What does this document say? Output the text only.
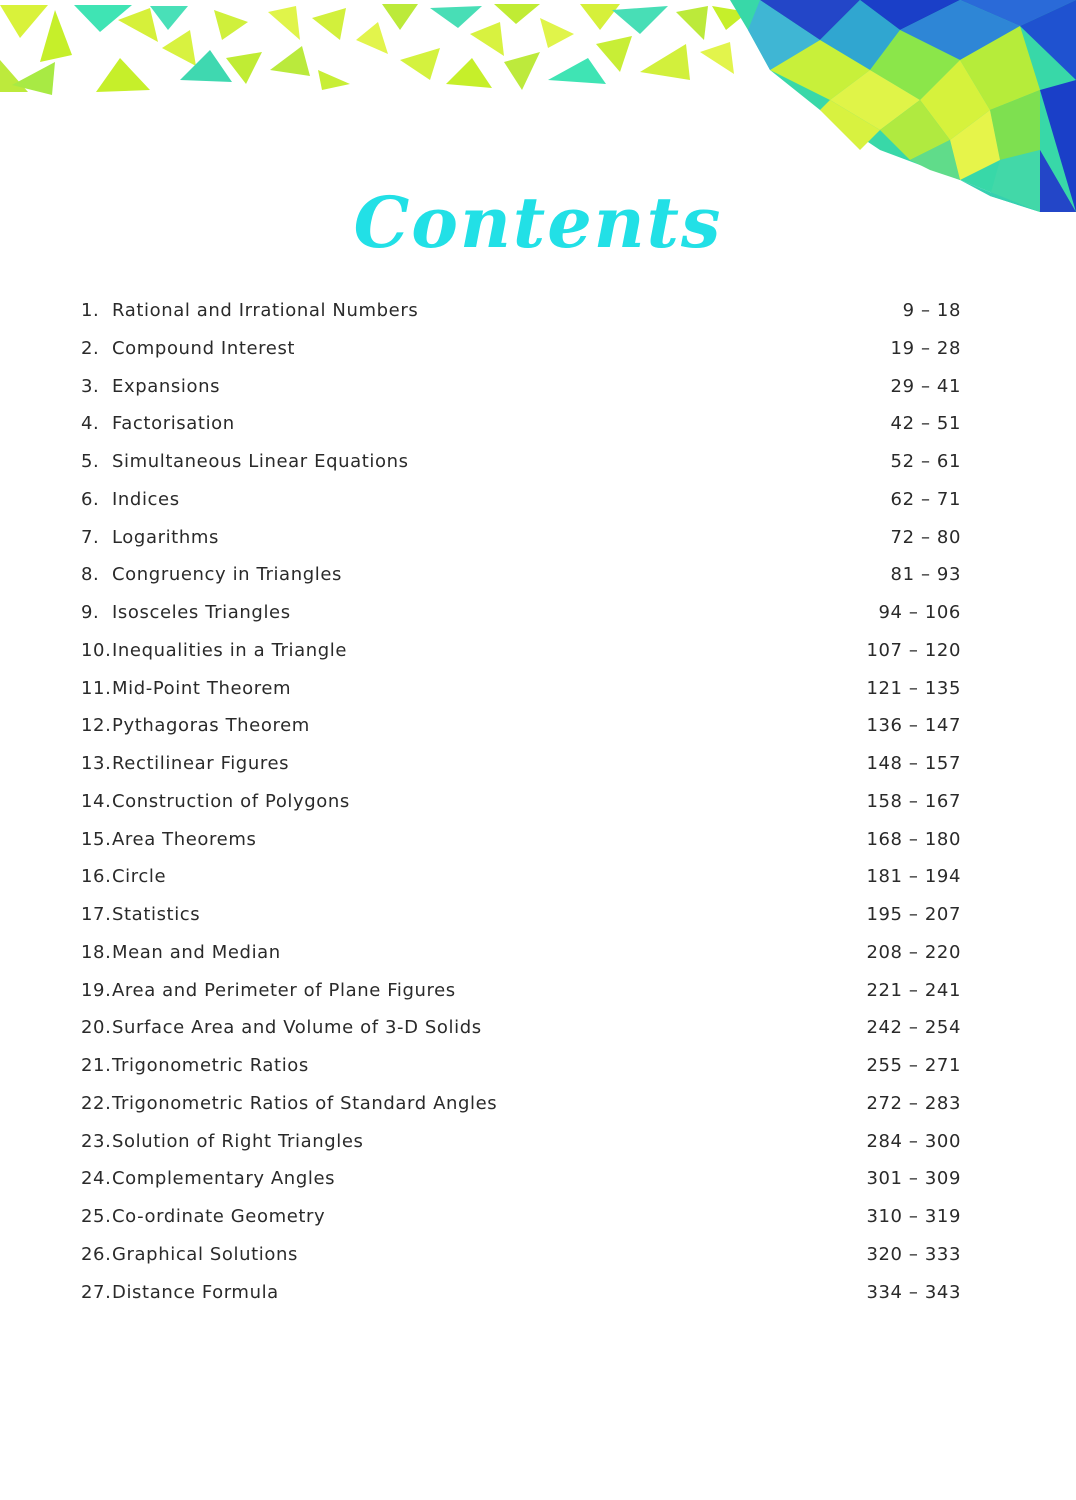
Contents
1. Rational and Irrational Numbers	9 – 18
2. Compound Interest	19 – 28
3. Expansions	29 – 41
4. Factorisation	42 – 51
5. Simultaneous Linear Equations	52 – 61
6. Indices	62 – 71
7. Logarithms	72 – 80
8. Congruency in Triangles	81 – 93
9. Isosceles Triangles	94 – 106
10. Inequalities in a Triangle	107 – 120
11. Mid-Point Theorem	121 – 135
12. Pythagoras Theorem	136 – 147
13. Rectilinear Figures	148 – 157
14. Construction of Polygons	158 – 167
15. Area Theorems	168 – 180
16. Circle	181 – 194
17. Statistics	195 – 207
18. Mean and Median	208 – 220
19. Area and Perimeter of Plane Figures	221 – 241
20. Surface Area and Volume of 3-D Solids	242 – 254
21. Trigonometric Ratios	255 – 271
22. Trigonometric Ratios of Standard Angles	272 – 283
23. Solution of Right Triangles	284 – 300
24. Complementary Angles	301 – 309
25. Co-ordinate Geometry	310 – 319
26. Graphical Solutions	320 – 333
27. Distance Formula	334 – 343
